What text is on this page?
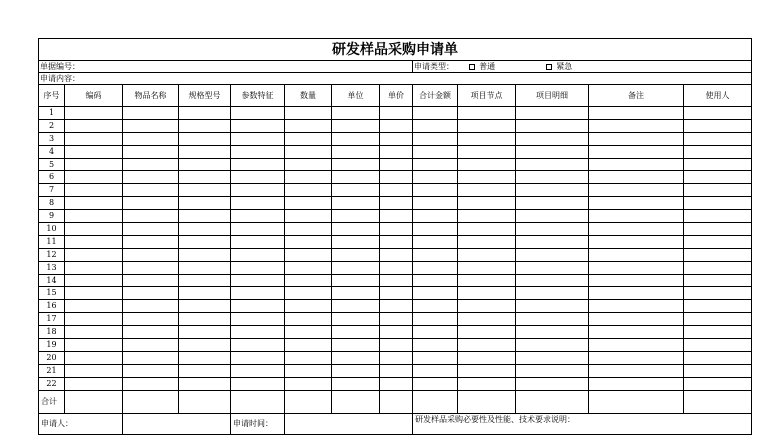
研发样品采购申请单												
单据编号：								申请类型： 普通 紧急				
申请内容：												
序号	编码	物品名称	规格型号	参数特征	数量	单位	单价	合计金额	项目节点	项目明细	备注	使用人
1												
2												
3												
4												
5												
6												
7												
8												
9												
10												
11												
12												
13												
14												
15												
16												
17												
18												
19												
20												
21												
22												
合计												
申请人：				申请时间：				研发样品采购必要性及性能、技术要求说明：				
